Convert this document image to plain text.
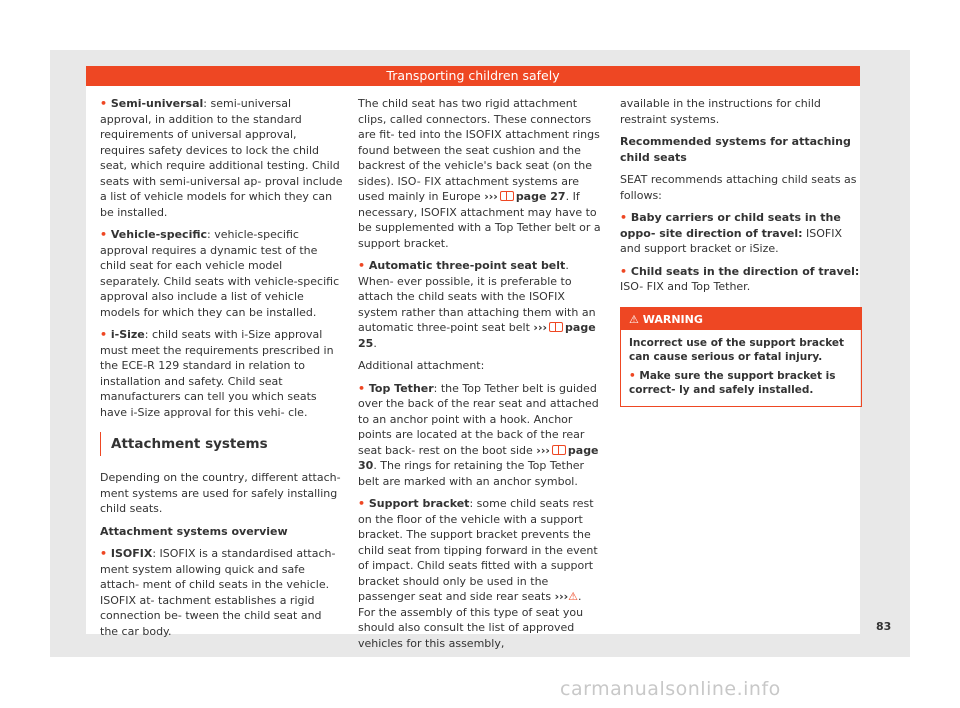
Transporting children safely

• Semi-universal: semi-universal approval, in addition to the standard requirements of universal approval, requires safety devices to lock the child seat, which require additional testing. Child seats with semi-universal ap- proval include a list of vehicle models for which they can be installed.

• Vehicle-specific: vehicle-specific approval requires a dynamic test of the child seat for each vehicle model separately. Child seats with vehicle-specific approval also include a list of vehicle models for which they can be installed.

• i-Size: child seats with i-Size approval must meet the requirements prescribed in the ECE-R 129 standard in relation to installation and safety. Child seat manufacturers can tell you which seats have i-Size approval for this vehi- cle.

Attachment systems

Depending on the country, different attach- ment systems are used for safely installing child seats.

Attachment systems overview

• ISOFIX: ISOFIX is a standardised attach- ment system allowing quick and safe attach- ment of child seats in the vehicle. ISOFIX at- tachment establishes a rigid connection be- tween the child seat and the car body.

The child seat has two rigid attachment clips, called connectors. These connectors are fit- ted into the ISOFIX attachment rings found between the seat cushion and the backrest of the vehicle's back seat (on the sides). ISO- FIX attachment systems are used mainly in Europe ››› page 27. If necessary, ISOFIX attachment may have to be supplemented with a Top Tether belt or a support bracket.

• Automatic three-point seat belt. When- ever possible, it is preferable to attach the child seats with the ISOFIX system rather than attaching them with an automatic three-point seat belt ››› page 25.

Additional attachment:

• Top Tether: the Top Tether belt is guided over the back of the rear seat and attached to an anchor point with a hook. Anchor points are located at the back of the rear seat back- rest on the boot side ››› page 30. The rings for retaining the Top Tether belt are marked with an anchor symbol.

• Support bracket: some child seats rest on the floor of the vehicle with a support bracket. The support bracket prevents the child seat from tipping forward in the event of impact. Child seats fitted with a support bracket should only be used in the passenger seat and side rear seats ›››⚠. For the assembly of this type of seat you should also consult the list of approved vehicles for this assembly,

available in the instructions for child restraint systems.

Recommended systems for attaching child seats

SEAT recommends attaching child seats as follows:

• Baby carriers or child seats in the oppo- site direction of travel: ISOFIX and support bracket or iSize.

• Child seats in the direction of travel: ISO- FIX and Top Tether.

⚠ WARNING

Incorrect use of the support bracket can cause serious or fatal injury.

• Make sure the support bracket is correct- ly and safely installed.

83
carmanualsonline.info
